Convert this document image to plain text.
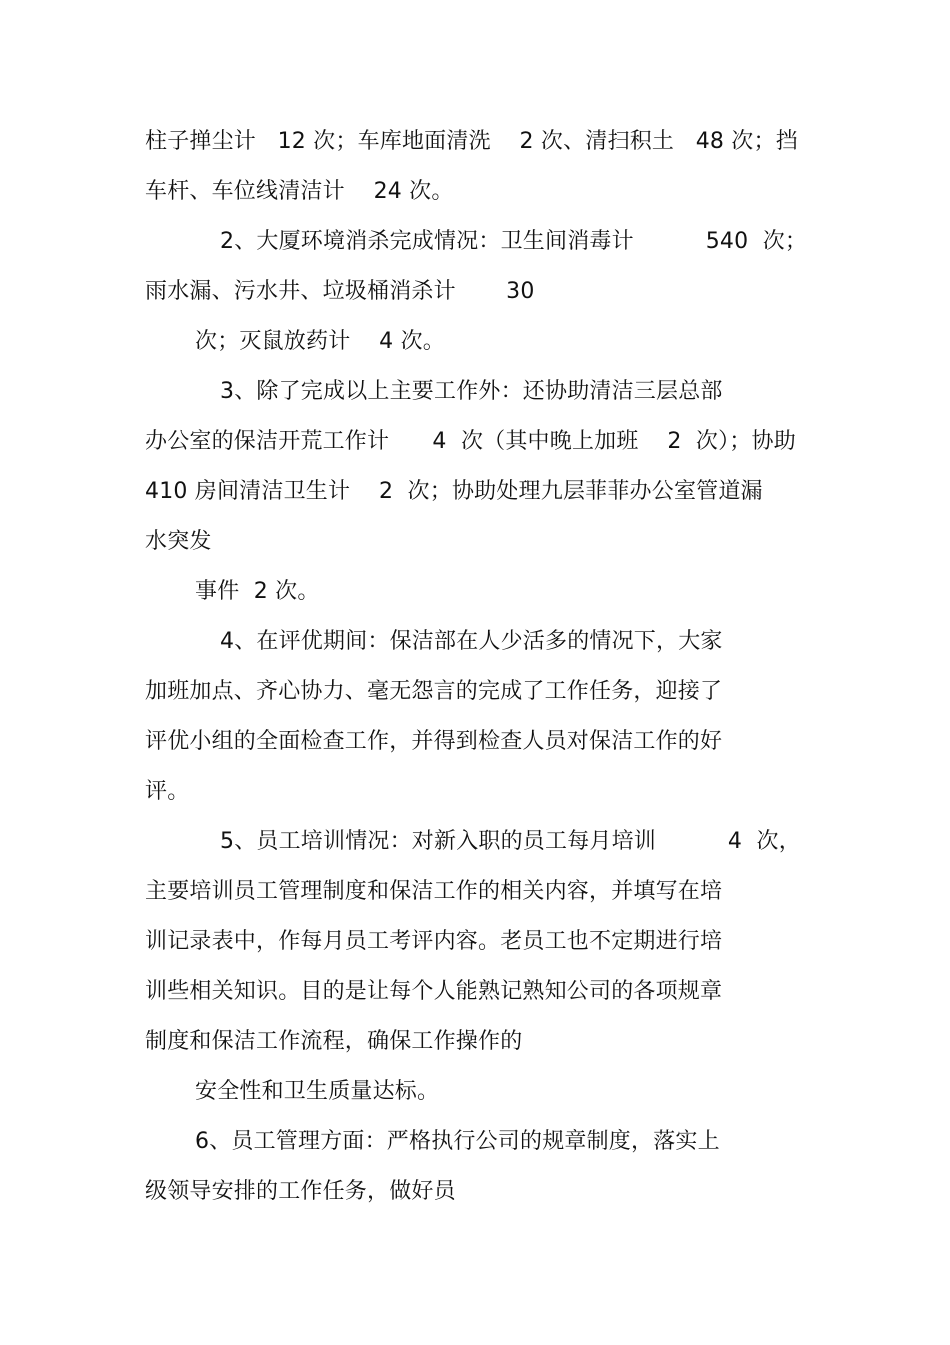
柱子掸尘计   12 次；车库地面清洗    2 次、清扫积土   48 次；挡
车杆、车位线清洁计    24 次。
2、大厦环境消杀完成情况：卫生间消毒计          540  次；
雨水漏、污水井、垃圾桶消杀计       30
次；灭鼠放药计    4 次。
3、除了完成以上主要工作外：还协助清洁三层总部
办公室的保洁开荒工作计      4  次（其中晚上加班    2  次）；协助
410 房间清洁卫生计    2  次；协助处理九层菲菲办公室管道漏
水突发
事件  2 次。
4、在评优期间：保洁部在人少活多的情况下，大家
加班加点、齐心协力、毫无怨言的完成了工作任务，迎接了
评优小组的全面检查工作，并得到检查人员对保洁工作的好
评。
5、员工培训情况：对新入职的员工每月培训          4  次，
主要培训员工管理制度和保洁工作的相关内容，并填写在培
训记录表中，作每月员工考评内容。老员工也不定期进行培
训些相关知识。目的是让每个人能熟记熟知公司的各项规章
制度和保洁工作流程，确保工作操作的
安全性和卫生质量达标。
6、员工管理方面：严格执行公司的规章制度，落实上
级领导安排的工作任务，做好员
